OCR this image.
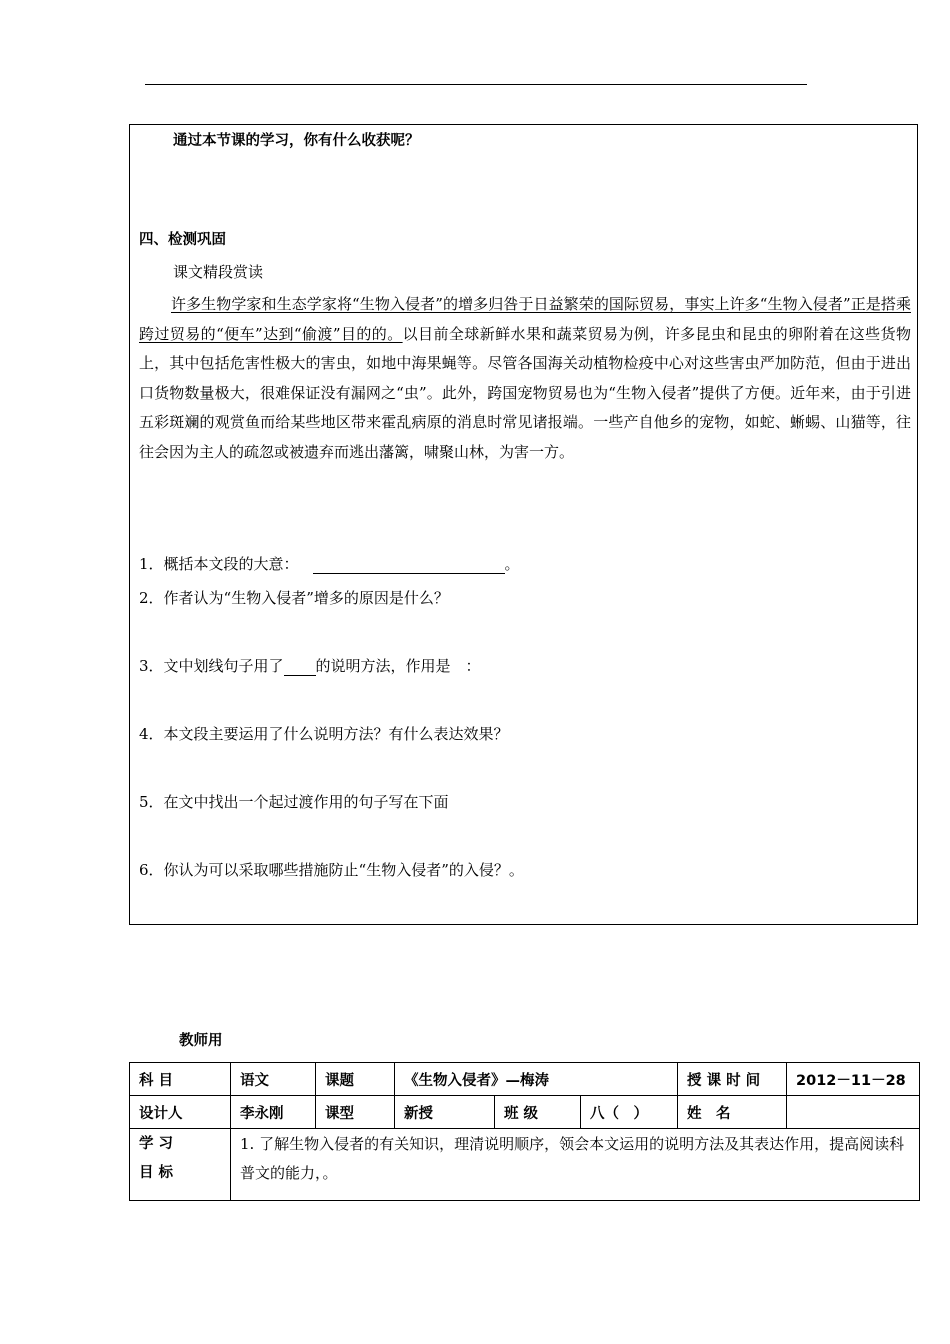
通过本节课的学习，你有什么收获呢？
四、检测巩固
课文精段赏读
许多生物学家和生态学家将“生物入侵者”的增多归咎于日益繁荣的国际贸易，事实上许多“生物入侵者”正是搭乘跨过贸易的“便车”达到“偷渡”目的的。以目前全球新鲜水果和蔬菜贸易为例，许多昆虫和昆虫的卵附着在这些货物上，其中包括危害性极大的害虫，如地中海果蝇等。尽管各国海关动植物检疫中心对这些害虫严加防范，但由于进出口货物数量极大，很难保证没有漏网之“虫”。此外，跨国宠物贸易也为“生物入侵者”提供了方便。近年来，由于引进五彩斑斓的观赏鱼而给某些地区带来霍乱病原的消息时常见诸报端。一些产自他乡的宠物，如蛇、蜥蜴、山猫等，往往会因为主人的疏忽或被遗弃而逃出藩篱，啸聚山林，为害一方。
1．概括本文段的大意：	。
2．作者认为“生物入侵者”增多的原因是什么？
3．文中划线句子用了 的说明方法，作用是　：
4．本文段主要运用了什么说明方法？有什么表达效果？
5．在文中找出一个起过渡作用的句子写在下面
6．你认为可以采取哪些措施防止“生物入侵者”的入侵？。
教师用
科 目	语文	课题	《生物入侵者》—梅涛			授 课 时 间	2012－11－28
设计人	李永刚	课型	新授	班 级	八（　）	姓　名	

学 习
目 标	1. 了解生物入侵者的有关知识，理清说明顺序，领会本文运用的说明方法及其表达作用，提高阅读科普文的能力，。						
